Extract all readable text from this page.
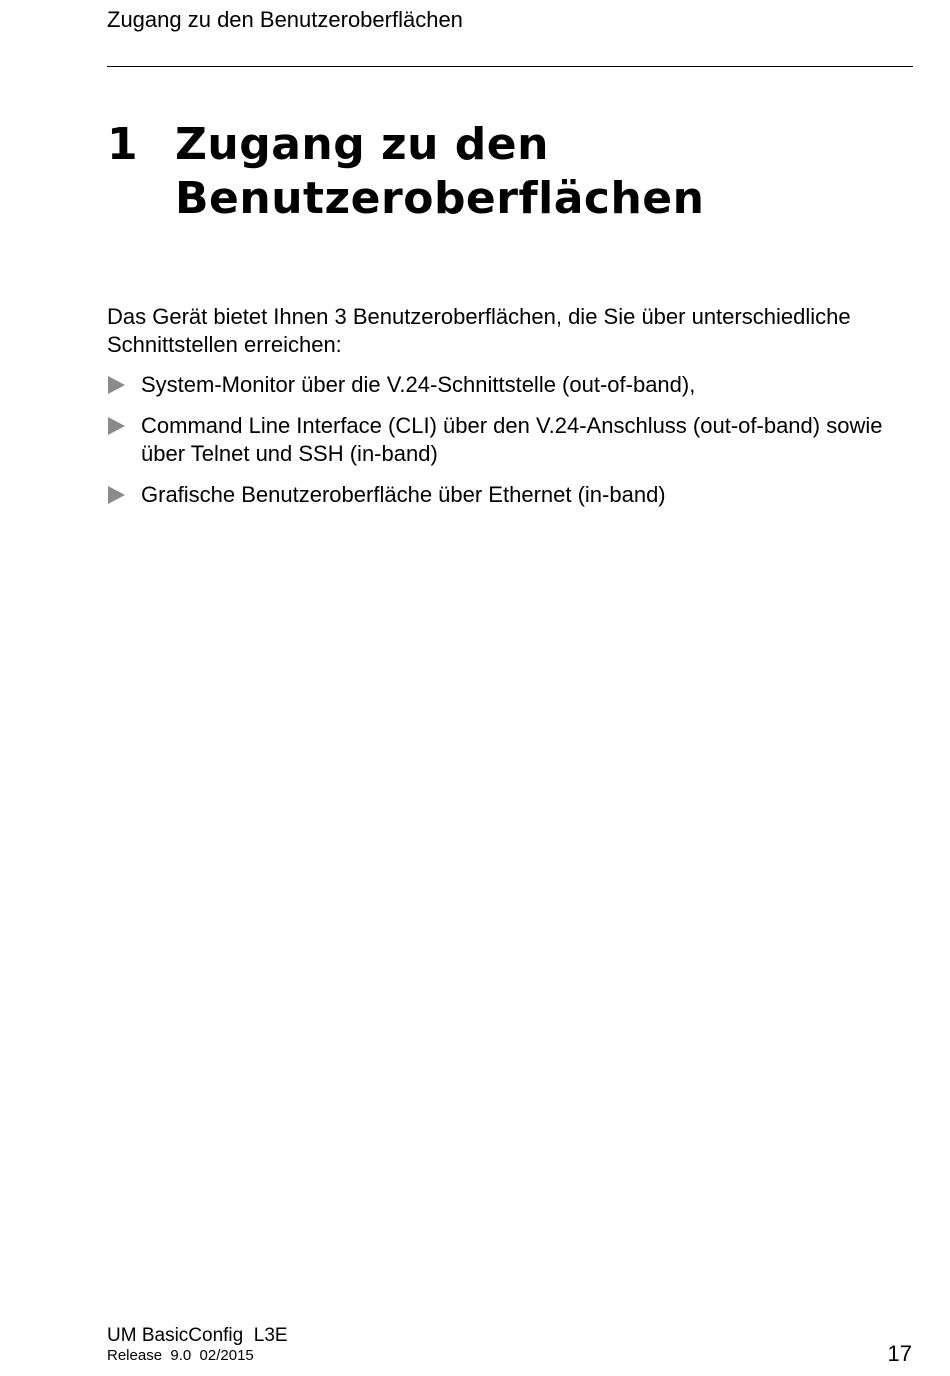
Zugang zu den Benutzeroberflächen
1 Zugang zu den
Benutzeroberflächen

Das Gerät bietet Ihnen 3 Benutzeroberflächen, die Sie über unterschiedliche Schnittstellen erreichen:

System-Monitor über die V.24-Schnittstelle (out-of-band),
Command Line Interface (CLI) über den V.24-Anschluss (out-of-band) sowie über Telnet und SSH (in-band)
Grafische Benutzeroberfläche über Ethernet (in-band)
UM BasicConfig  L3E
Release  9.0  02/2015	17
